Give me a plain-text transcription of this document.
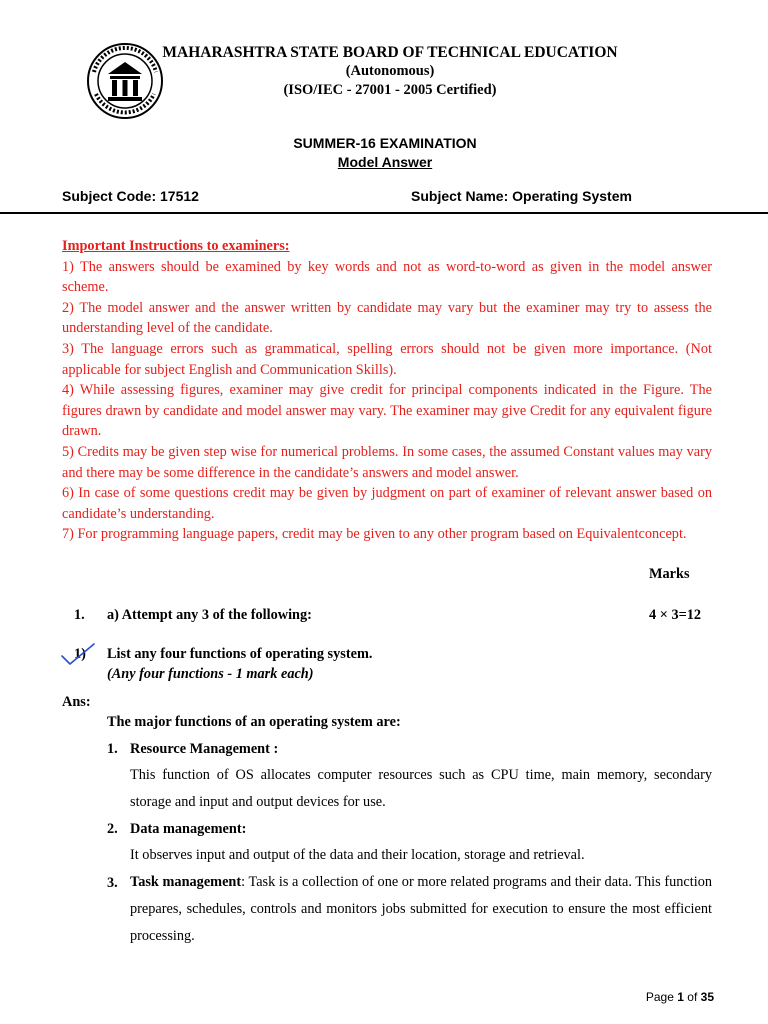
MAHARASHTRA STATE BOARD OF TECHNICAL EDUCATION
(Autonomous)
(ISO/IEC - 27001 - 2005 Certified)
SUMMER-16 EXAMINATION
Model Answer
Subject Code: 17512	Subject Name: Operating System

Important Instructions to examiners:

1) The answers should be examined by key words and not as word-to-word as given in the model answer scheme.

2) The model answer and the answer written by candidate may vary but the examiner may try to assess the understanding level of the candidate.

3) The language errors such as grammatical, spelling errors should not be given more importance. (Not applicable for subject English and Communication Skills).

4) While assessing figures, examiner may give credit for principal components indicated in the Figure. The figures drawn by candidate and model answer may vary. The examiner may give Credit for any equivalent figure drawn.

5) Credits may be given step wise for numerical problems. In some cases, the assumed Constant values may vary and there may be some difference in the candidate’s answers and model answer.

6) In case of some questions credit may be given by judgment on part of examiner of relevant answer based on candidate’s understanding.

7) For programming language papers, credit may be given to any other program based on Equivalentconcept.

Marks
1. a) Attempt any 3 of the following:	4 × 3=12
1) List any four functions of operating system.
(Any four functions - 1 mark each)
Ans:
The major functions of an operating system are:
1. Resource Management :
This function of OS allocates computer resources such as CPU time, main memory, secondary storage and input and output devices for use.
2. Data management:
It observes input and output of the data and their location, storage and retrieval.
3. Task management: Task is a collection of one or more related programs and their data. This function prepares, schedules, controls and monitors jobs submitted for execution to ensure the most efficient processing.
Page 1 of 35
